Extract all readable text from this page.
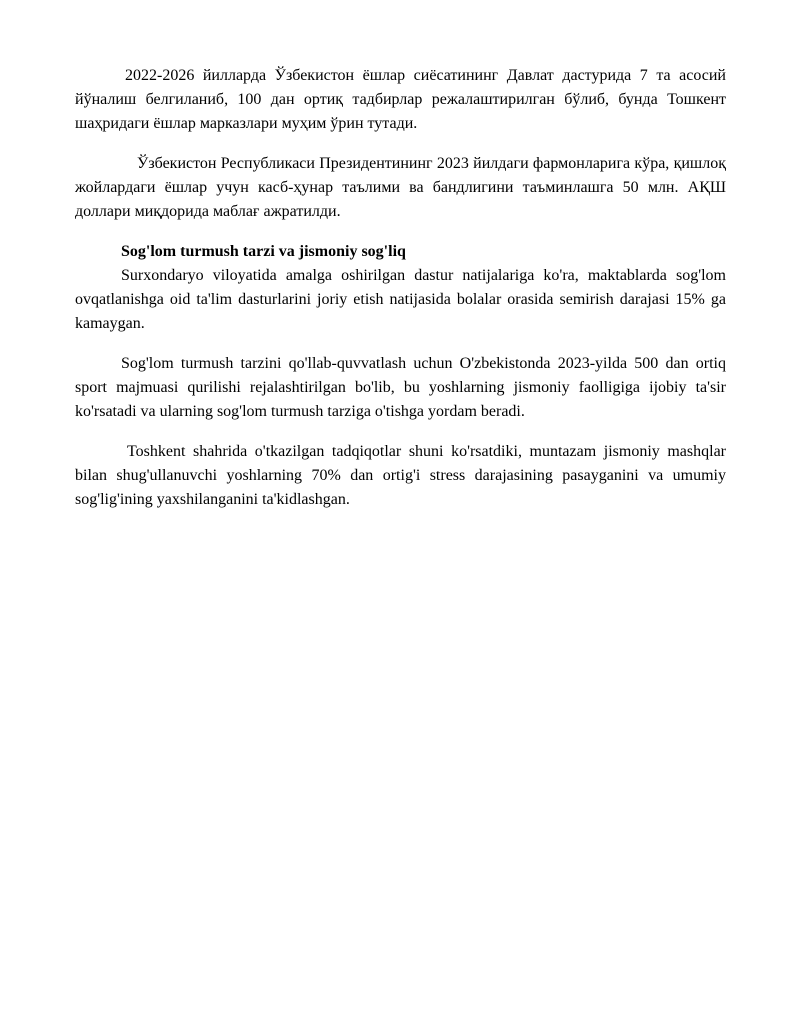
2022-2026 йилларда Ўзбекистон ёшлар сиёсатининг Давлат дастурида 7 та асосий йўналиш белгиланиб, 100 дан ортиқ тадбирлар режалаштирилган бўлиб, бунда Тошкент шаҳридаги ёшлар марказлари муҳим ўрин тутади.

Ўзбекистон Республикаси Президентининг 2023 йилдаги фармонларига кўра, қишлоқ жойлардаги ёшлар учун касб-ҳунар таълими ва бандлигини таъминлашга 50 млн. АҚШ доллари миқдорида маблағ ажратилди.

Sog'lom turmush tarzi va jismoniy sog'liq

Surxondaryo viloyatida amalga oshirilgan dastur natijalariga ko'ra, maktablarda sog'lom ovqatlanishga oid ta'lim dasturlarini joriy etish natijasida bolalar orasida semirish darajasi 15% ga kamaygan.

Sog'lom turmush tarzini qo'llab-quvvatlash uchun O'zbekistonda 2023-yilda 500 dan ortiq sport majmuasi qurilishi rejalashtirilgan bo'lib, bu yoshlarning jismoniy faolligiga ijobiy ta'sir ko'rsatadi va ularning sog'lom turmush tarziga o'tishga yordam beradi.

Toshkent shahrida o'tkazilgan tadqiqotlar shuni ko'rsatdiki, muntazam jismoniy mashqlar bilan shug'ullanuvchi yoshlarning 70% dan ortig'i stress darajasining pasayganini va umumiy sog'lig'ining yaxshilanganini ta'kidlashgan.
